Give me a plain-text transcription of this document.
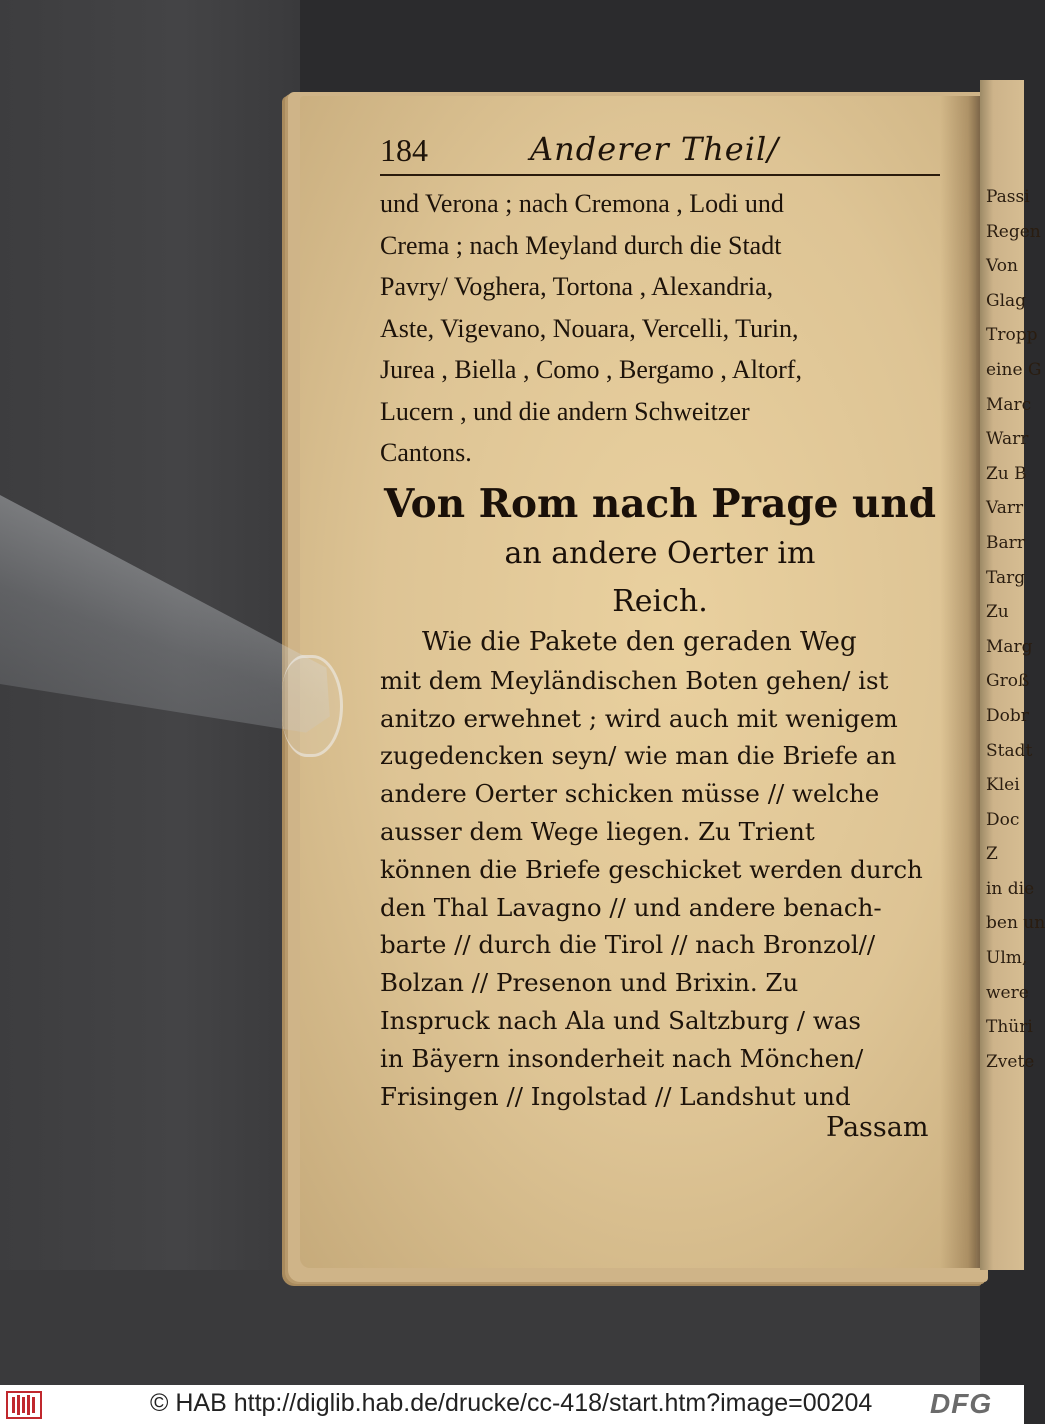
Passi
Regen
Von
Glag
Tropp
eine G
Marc
Warr
Zu B
Varr
Barr
Targ
Zu
Marg
Groß
Dobr
Stadt
Klei
Doc
Z
in die
ben un
Ulm,
were
Thüri
Zvete
184	Anderer Theil/
und Verona ; nach Cremona , Lodi und
Crema ; nach Meyland durch die Stadt
Pavry/ Voghera, Tortona , Alexandria,
Aste, Vigevano, Nouara, Vercelli, Turin,
Jurea , Biella , Como , Bergamo , Altorf,
Lucern , und die andern Schweitzer
Cantons.
Von Rom nach Prage und
an andere Oerter im
Reich.
Wie die Pakete den geraden Weg
mit dem Meyländischen Boten gehen/ ist
anitzo erwehnet ; wird auch mit wenigem
zugedencken seyn/ wie man die Briefe an
andere Oerter schicken müsse // welche
ausser dem Wege liegen. Zu Trient
können die Briefe geschicket werden durch
den Thal Lavagno // und andere benach-
barte // durch die Tirol // nach Bronzol//
Bolzan // Presenon und Brixin. Zu
Inspruck nach Ala und Saltzburg / was
in Bäyern insonderheit nach Mönchen/
Frisingen // Ingolstad // Landshut und
Passam
© HAB http://diglib.hab.de/drucke/cc-418/start.htm?image=00204 DFG
